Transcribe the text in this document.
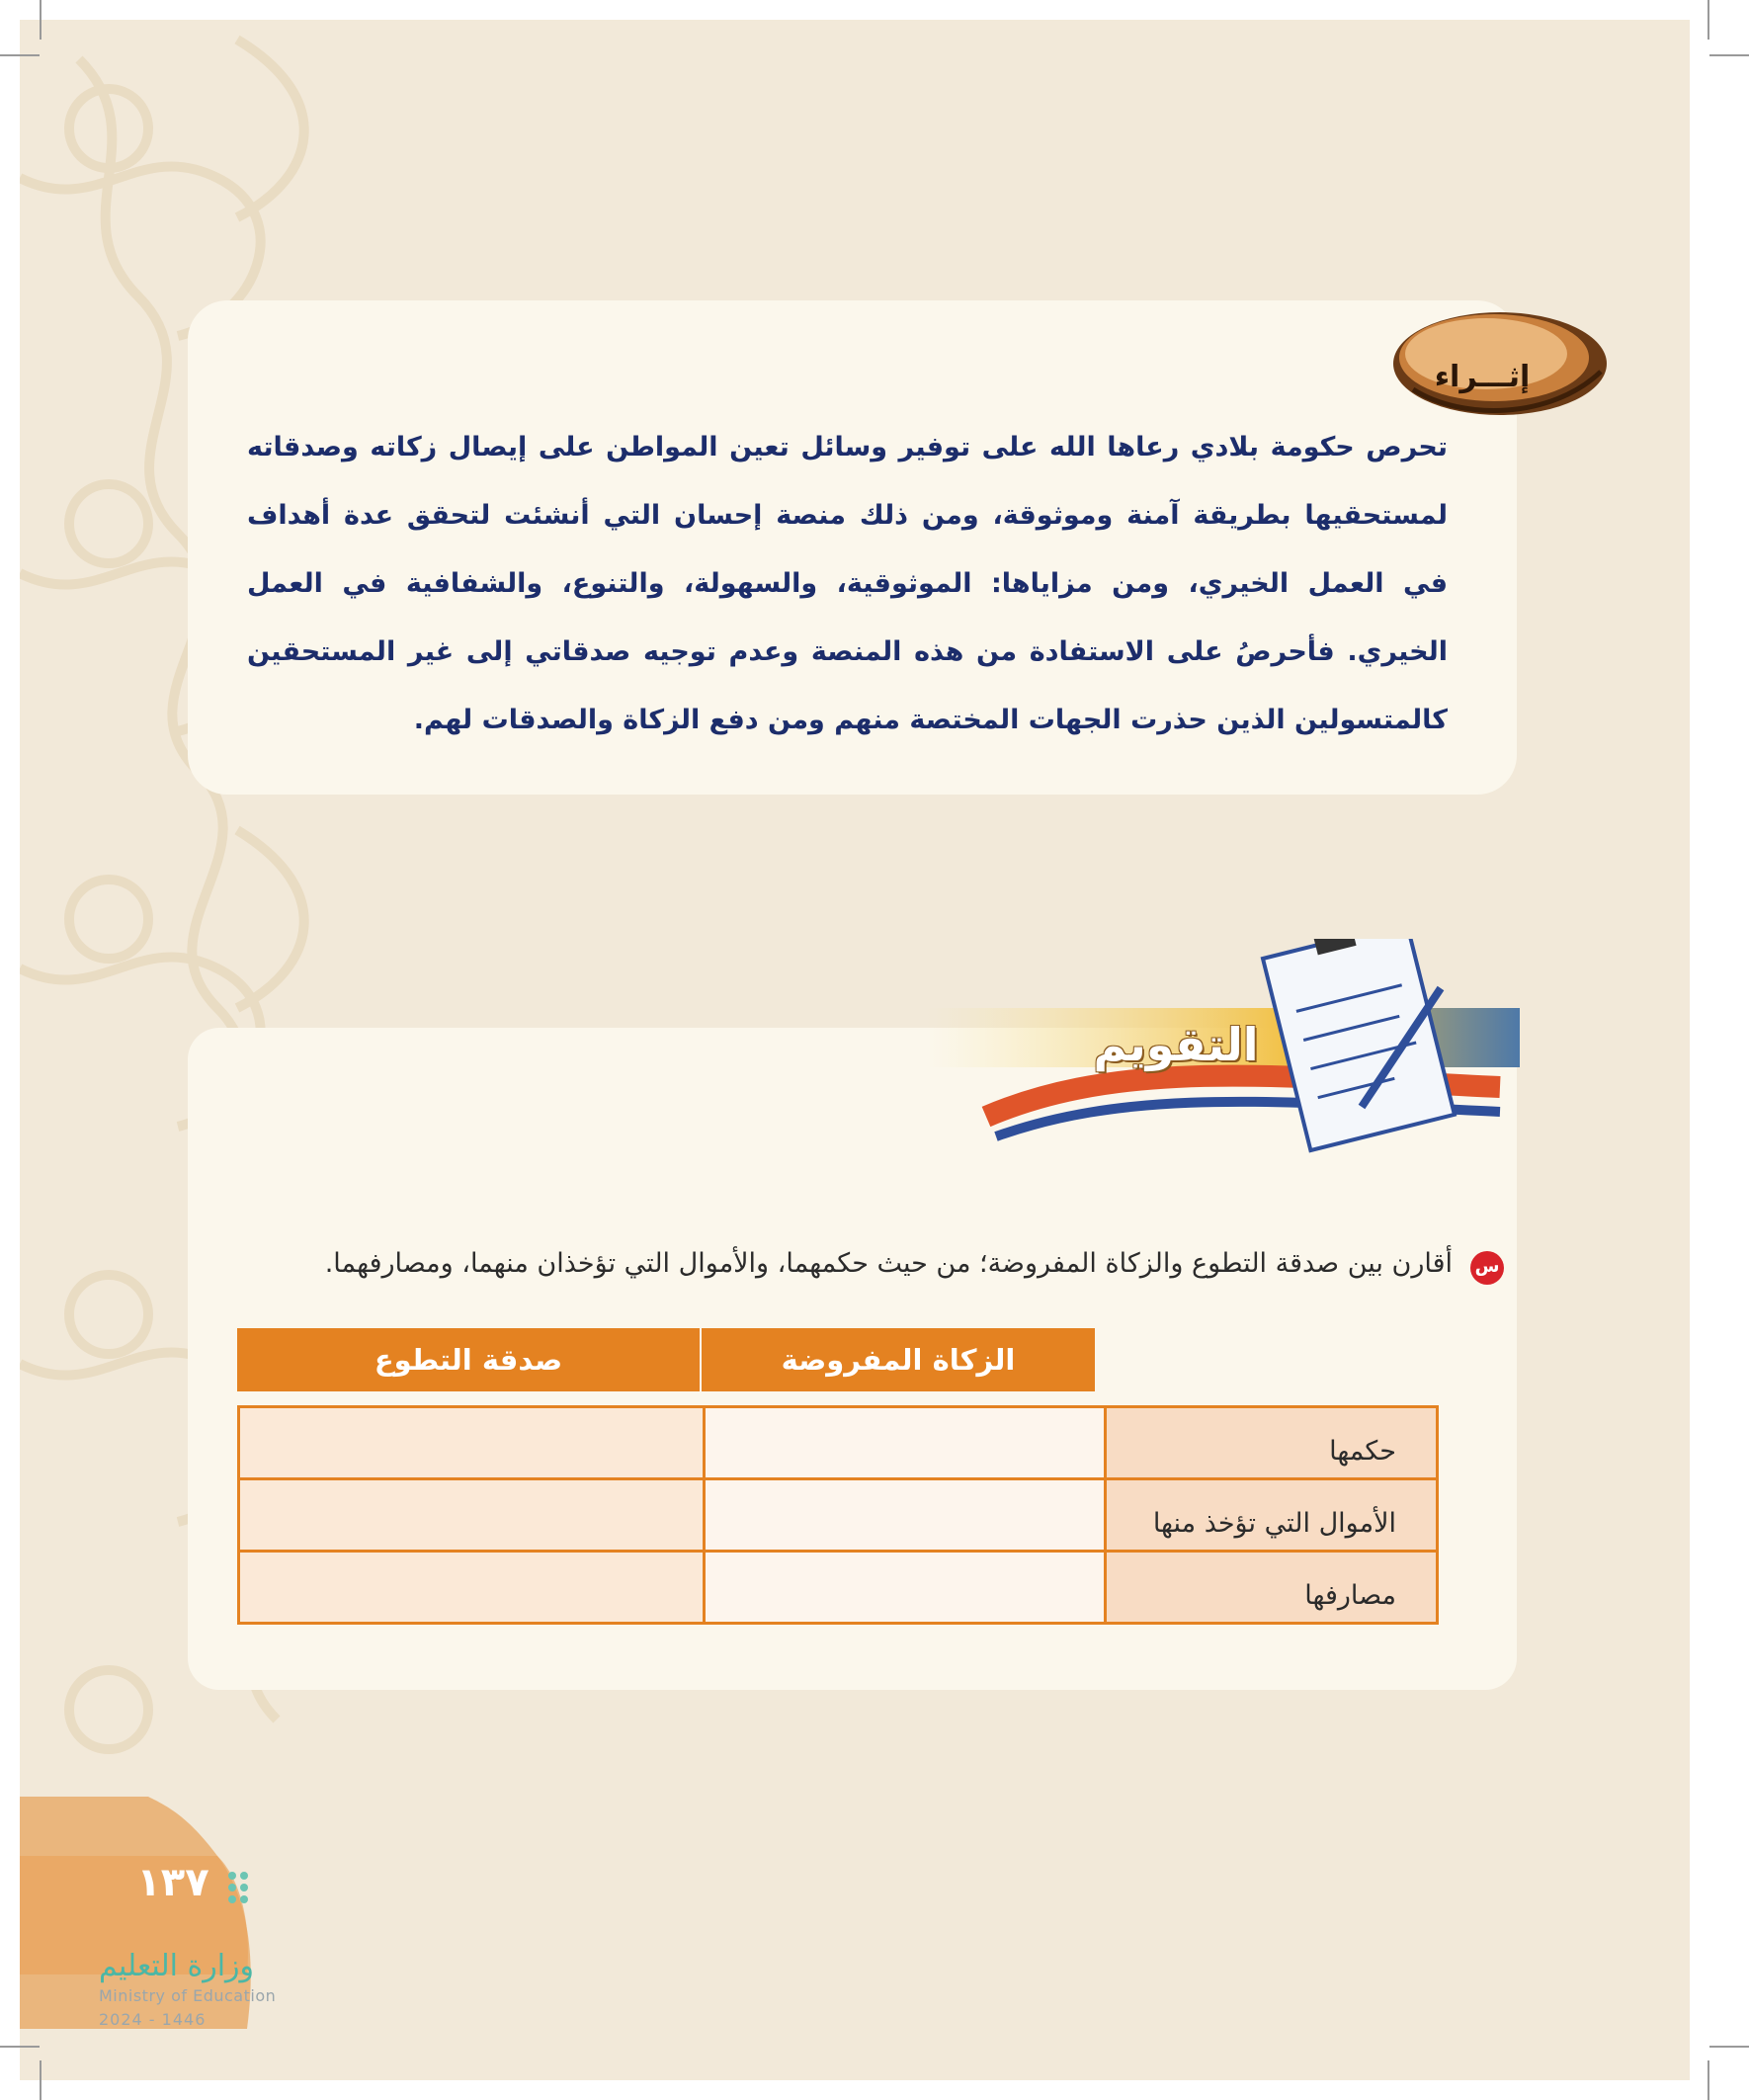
تحرص حكومة بلادي رعاها الله على توفير وسائل تعين المواطن على إيصال زكاته وصدقاته لمستحقيها بطريقة آمنة وموثوقة، ومن ذلك منصة إحسان التي أنشئت لتحقق عدة أهداف في العمل الخيري، ومن مزاياها: الموثوقية، والسهولة، والتنوع، والشفافية في العمل الخيري. فأحرصُ على الاستفادة من هذه المنصة وعدم توجيه صدقاتي إلى غير المستحقين كالمتسولين الذين حذرت الجهات المختصة منهم ومن دفع الزكاة والصدقات لهم.
إثـــراء
التقويم
س
أقارن بين صدقة التطوع والزكاة المفروضة؛ من حيث حكمهما، والأموال التي تؤخذان منهما، ومصارفهما.
الزكاة المفروضة
صدقة التطوع
حكمها
الأموال التي تؤخذ منها
مصارفها
١٣٧
وزارة التعليم
Ministry of Education
2024 - 1446
